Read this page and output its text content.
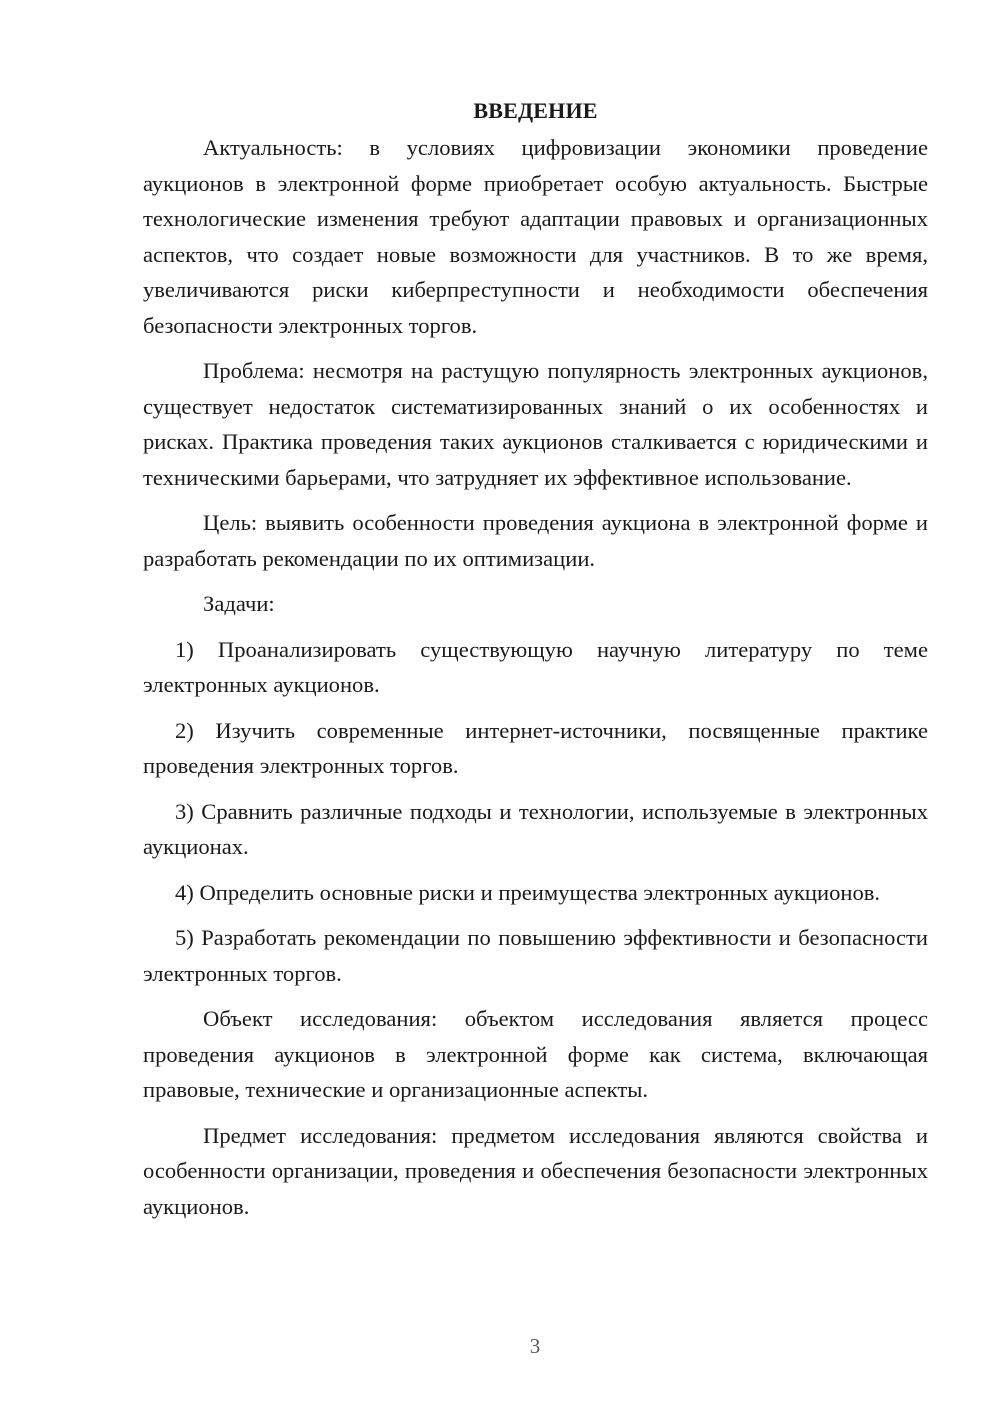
ВВЕДЕНИЕ

Актуальность: в условиях цифровизации экономики проведение аукционов в электронной форме приобретает особую актуальность. Быстрые технологические изменения требуют адаптации правовых и организационных аспектов, что создает новые возможности для участников. В то же время, увеличиваются риски киберпреступности и необходимости обеспечения безопасности электронных торгов.

Проблема: несмотря на растущую популярность электронных аукционов, существует недостаток систематизированных знаний о их особенностях и рисках. Практика проведения таких аукционов сталкивается с юридическими и техническими барьерами, что затрудняет их эффективное использование.

Цель: выявить особенности проведения аукциона в электронной форме и разработать рекомендации по их оптимизации.

Задачи:

1) Проанализировать существующую научную литературу по теме электронных аукционов.

2) Изучить современные интернет-источники, посвященные практике проведения электронных торгов.

3) Сравнить различные подходы и технологии, используемые в электронных аукционах.

4) Определить основные риски и преимущества электронных аукционов.

5) Разработать рекомендации по повышению эффективности и безопасности электронных торгов.

Объект исследования: объектом исследования является процесс проведения аукционов в электронной форме как система, включающая правовые, технические и организационные аспекты.

Предмет исследования: предметом исследования являются свойства и особенности организации, проведения и обеспечения безопасности электронных аукционов.

3
